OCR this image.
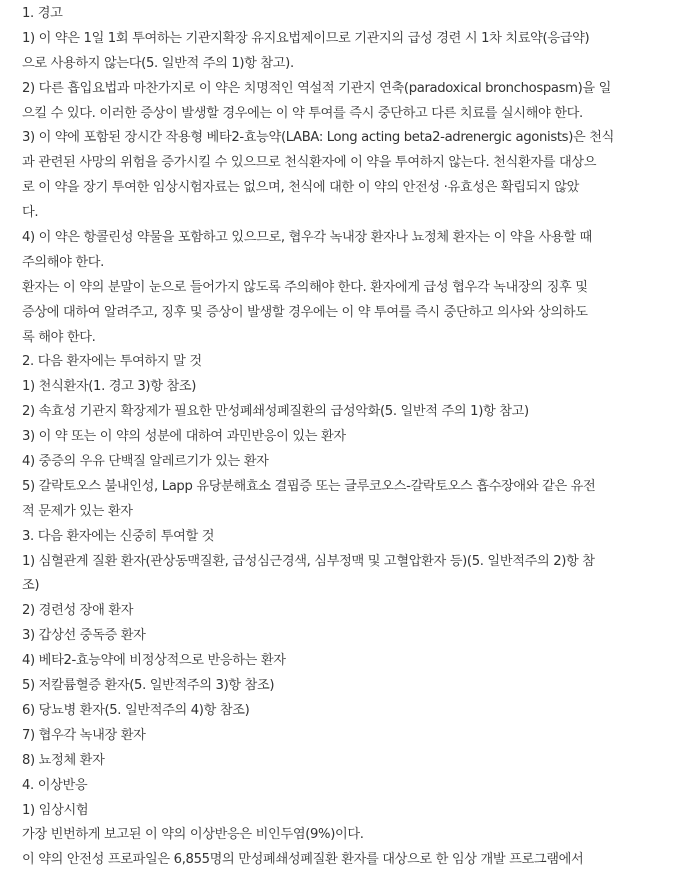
1. 경고
1) 이 약은 1일 1회 투여하는 기관지확장 유지요법제이므로 기관지의 급성 경련 시 1차 치료약(응급약)
으로 사용하지 않는다(5. 일반적 주의 1)항 참고).
2) 다른 흡입요법과 마찬가지로 이 약은 치명적인 역설적 기관지 연축(paradoxical bronchospasm)을 일
으킬 수 있다. 이러한 증상이 발생할 경우에는 이 약 투여를 즉시 중단하고 다른 치료를 실시해야 한다.
3) 이 약에 포함된 장시간 작용형 베타2-효능약(LABA: Long acting beta2-adrenergic agonists)은 천식
과 관련된 사망의 위험을 증가시킬 수 있으므로 천식환자에 이 약을 투여하지 않는다. 천식환자를 대상으
로 이 약을 장기 투여한 임상시험자료는 없으며, 천식에 대한 이 약의 안전성 ·유효성은 확립되지 않았
다.
4) 이 약은 항콜린성 약물을 포함하고 있으므로, 협우각 녹내장 환자나 뇨정체 환자는 이 약을 사용할 때
주의해야 한다.
환자는 이 약의 분말이 눈으로 들어가지 않도록 주의해야 한다. 환자에게 급성 협우각 녹내장의 징후 및
증상에 대하여 알려주고, 징후 및 증상이 발생할 경우에는 이 약 투여를 즉시 중단하고 의사와 상의하도
록 해야 한다.
2. 다음 환자에는 투여하지 말 것
1) 천식환자(1. 경고 3)항 참조)
2) 속효성 기관지 확장제가 필요한 만성폐쇄성폐질환의 급성악화(5. 일반적 주의 1)항 참고)
3) 이 약 또는 이 약의 성분에 대하여 과민반응이 있는 환자
4) 중증의 우유 단백질 알레르기가 있는 환자
5) 갈락토오스 불내인성, Lapp 유당분해효소 결핍증 또는 글루코오스-갈락토오스 흡수장애와 같은 유전
적 문제가 있는 환자
3. 다음 환자에는 신중히 투여할 것
1) 심혈관계 질환 환자(관상동맥질환, 급성심근경색, 심부정맥 및 고혈압환자 등)(5. 일반적주의 2)항 참
조)
2) 경련성 장애 환자
3) 갑상선 중독증 환자
4) 베타2-효능약에 비정상적으로 반응하는 환자
5) 저칼륨혈증 환자(5. 일반적주의 3)항 참조)
6) 당뇨병 환자(5. 일반적주의 4)항 참조)
7) 협우각 녹내장 환자
8) 뇨정체 환자
4. 이상반응
1) 임상시험
가장 빈번하게 보고된 이 약의 이상반응은 비인두염(9%)이다.
이 약의 안전성 프로파일은 6,855명의 만성폐쇄성폐질환 환자를 대상으로 한 임상 개발 프로그램에서
